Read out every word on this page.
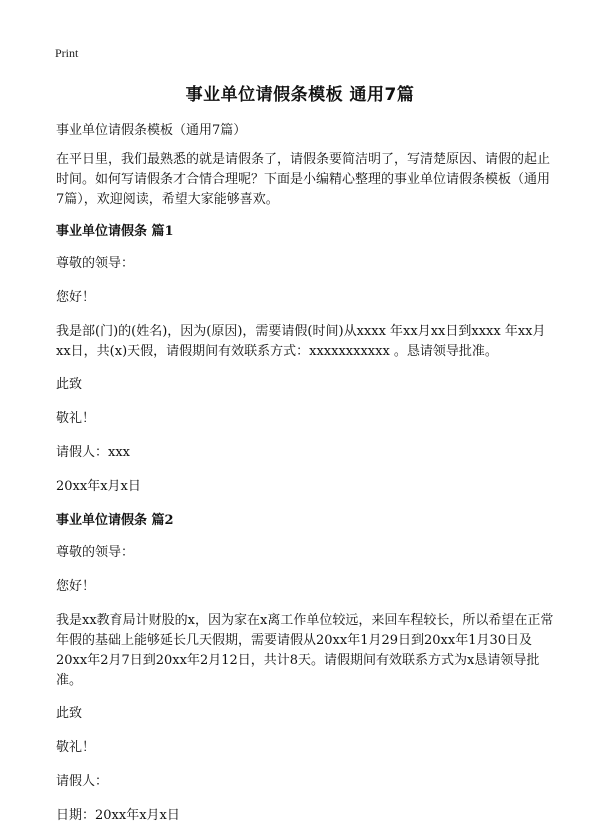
Print
事业单位请假条模板 通用7篇

事业单位请假条模板（通用7篇）

在平日里，我们最熟悉的就是请假条了，请假条要简洁明了，写清楚原因、请假的起止时间。如何写请假条才合情合理呢？下面是小编精心整理的事业单位请假条模板（通用7篇），欢迎阅读，希望大家能够喜欢。

事业单位请假条 篇1

尊敬的领导：

您好！

我是部(门)的(姓名)，因为(原因)，需要请假(时间)从xxxx 年xx月xx日到xxxx 年xx月xx日，共(x)天假，请假期间有效联系方式：xxxxxxxxxxx 。恳请领导批准。

此致

敬礼！

请假人：xxx

20xx年x月x日

事业单位请假条 篇2

尊敬的领导：

您好！

我是xx教育局计财股的x，因为家在x离工作单位较远，来回车程较长，所以希望在正常年假的基础上能够延长几天假期，需要请假从20xx年1月29日到20xx年1月30日及20xx年2月7日到20xx年2月12日，共计8天。请假期间有效联系方式为x恳请领导批准。

此致

敬礼！

请假人：

日期：20xx年x月x日
